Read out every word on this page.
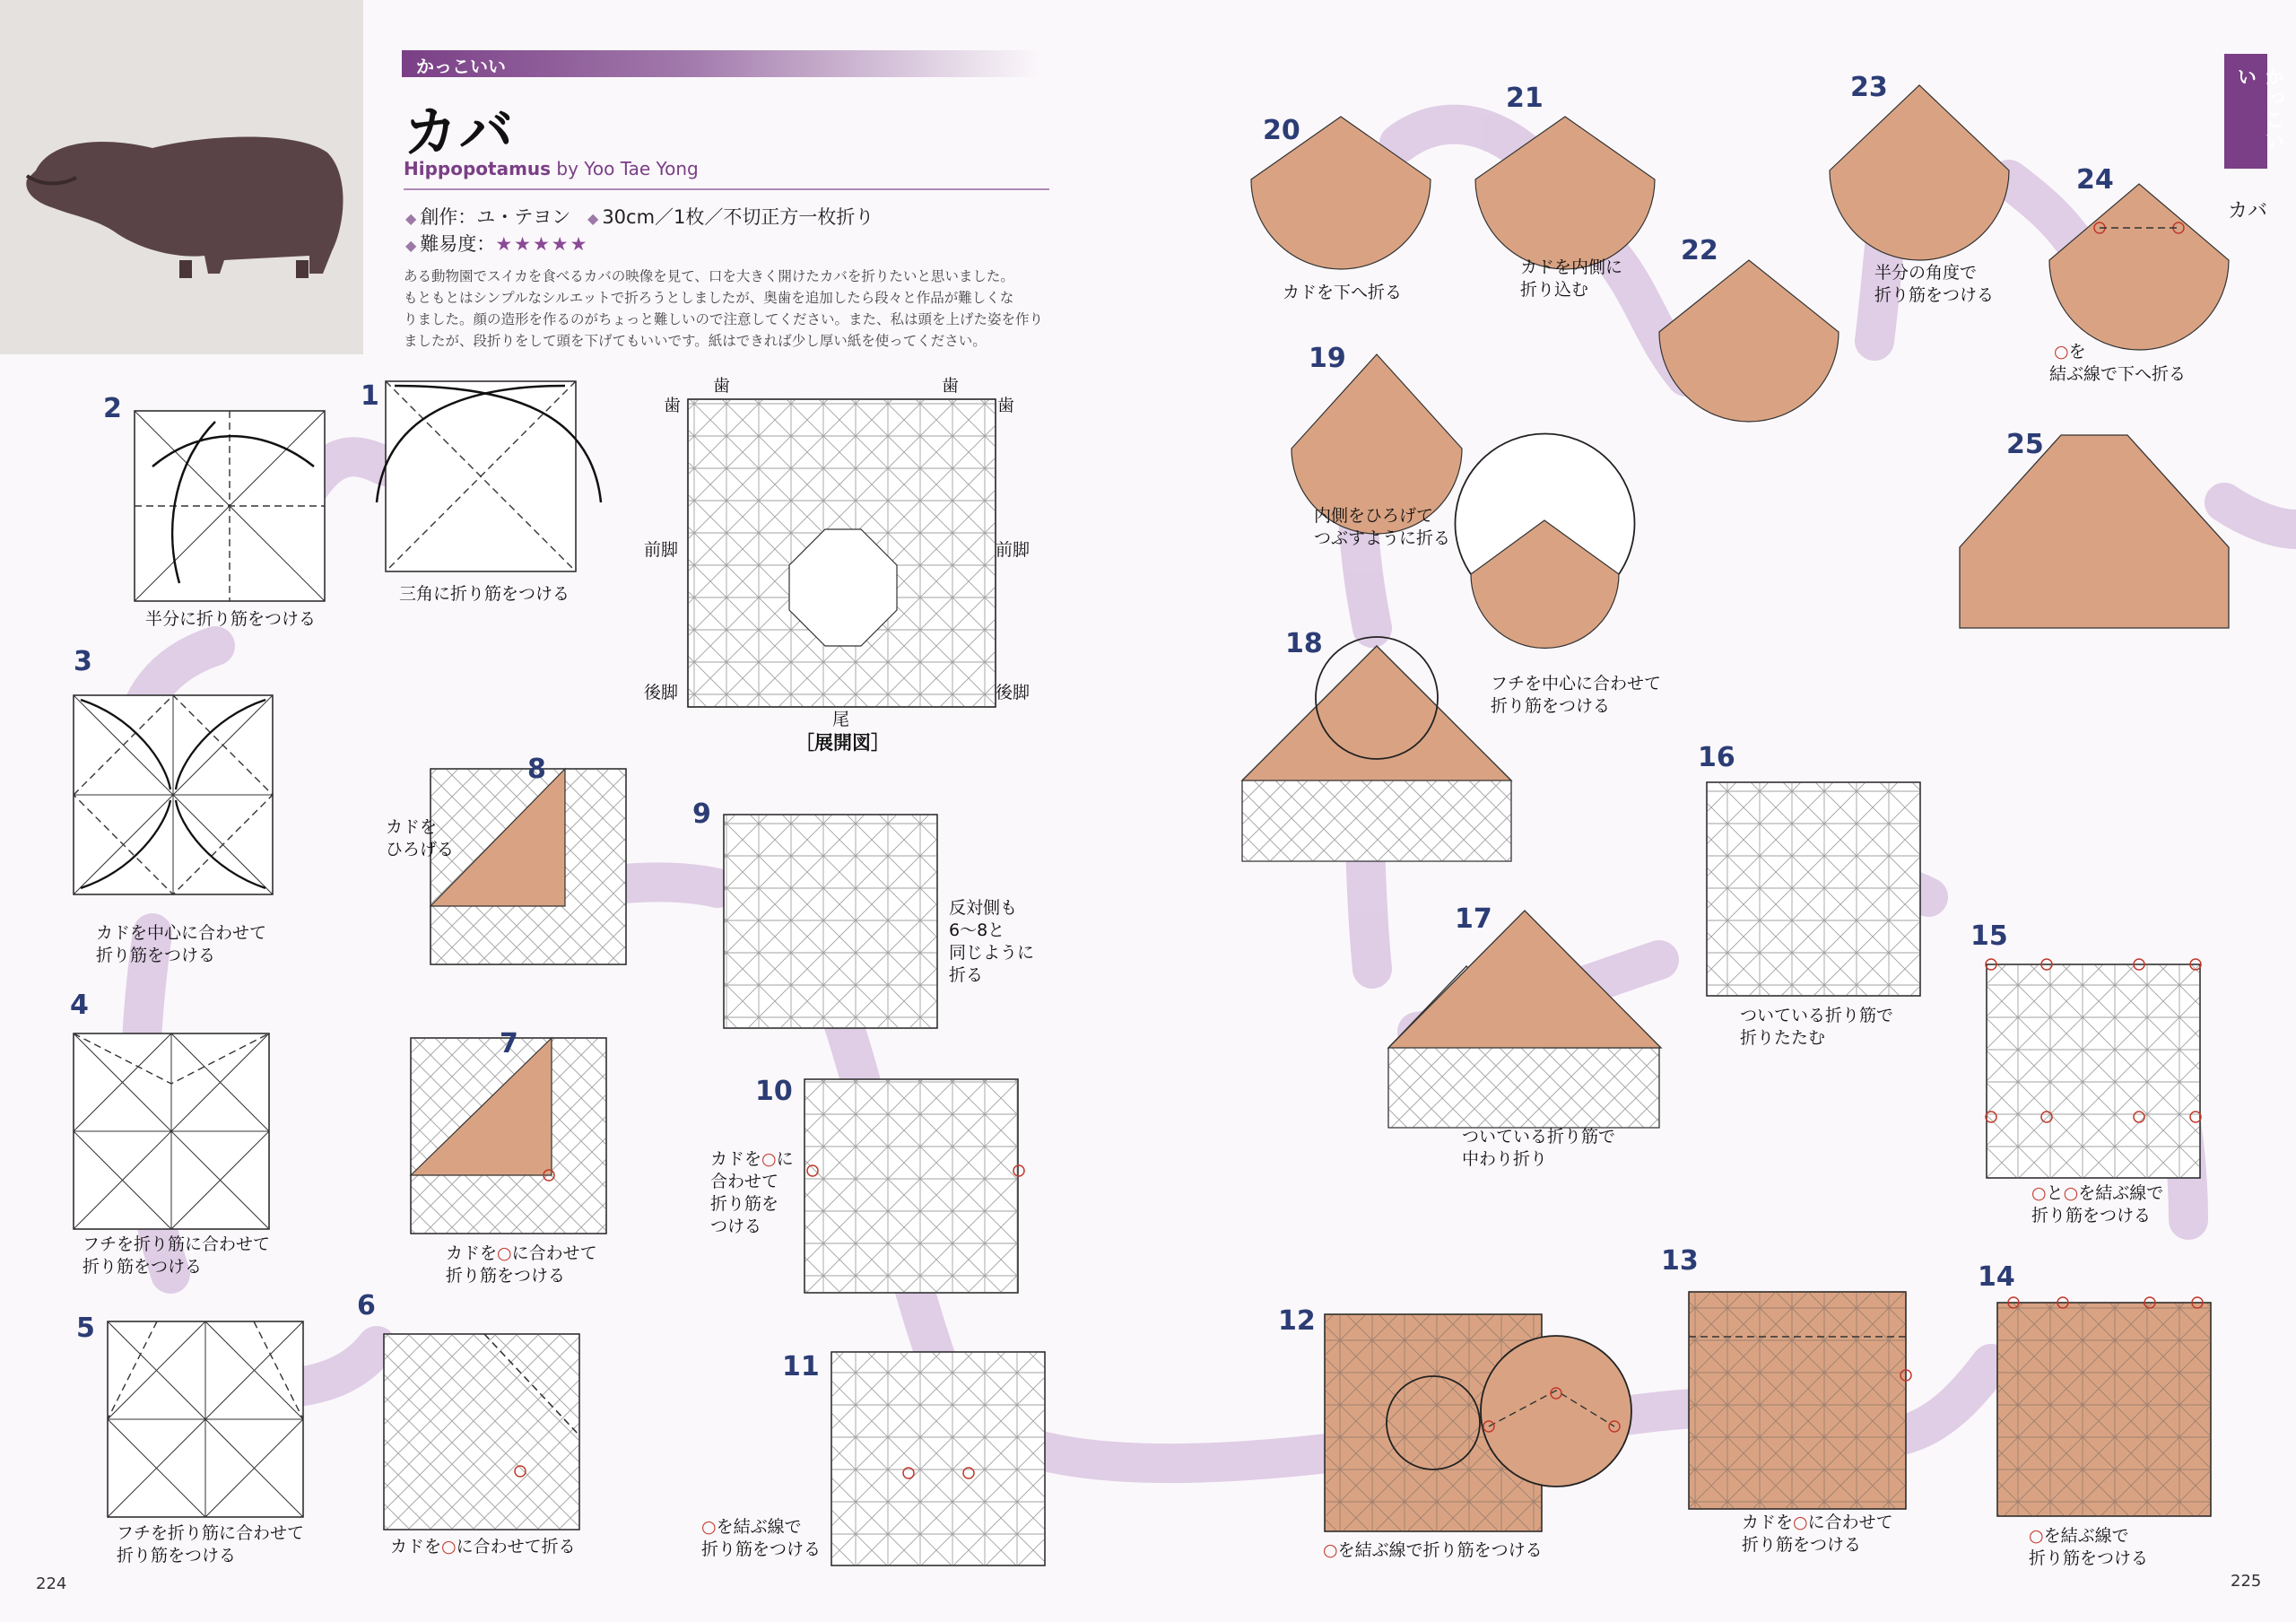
かっこいい
カバ
Hippopotamus by Yoo Tae Yong
◆ 創作：ユ・テヨン ◆ 30cm／1枚／不切正方一枚折り
◆ 難易度：★★★★★
ある動物園でスイカを食べるカバの映像を見て、口を大きく開けたカバを折りたいと思いました。
もともとはシンプルなシルエットで折ろうとしましたが、奥歯を追加したら段々と作品が難しくな
りました。顔の造形を作るのがちょっと難しいので注意してください。また、私は頭を上げた姿を作り
ましたが、段折りをして頭を下げてもいいです。紙はできれば少し厚い紙を使ってください。
歯	歯
歯	歯
前脚	前脚
後脚	後脚
尾
［展開図］
2	1
3
4
5
6
7
8
9
10
11
12
13
14
15
16
17
18
19
20
21
22
23
24
25
半分に折り筋をつける
三角に折り筋をつける
カドを中心に合わせて
折り筋をつける
フチを折り筋に合わせて
折り筋をつける
フチを折り筋に合わせて
折り筋をつける	カドを○に合わせて折る
カドを○に合わせて
折り筋をつける
カドを
ひろげる
反対側も
6～8と
同じように
折る
カドを○に
合わせて
折り筋を
つける
○を結ぶ線で
折り筋をつける
カドを下へ折る
カドを内側に
折り込む
半分の角度で
折り筋をつける
○を
結ぶ線で下へ折る
内側をひろげて
つぶすように折る
フチを中心に合わせて
折り筋をつける
ついている折り筋で
折りたたむ
ついている折り筋で
中わり折り
○と○を結ぶ線で
折り筋をつける
○を結ぶ線で折り筋をつける
カドを○に合わせて
折り筋をつける	○を結ぶ線で
折り筋をつける
224	225
かっこいい
カバ
